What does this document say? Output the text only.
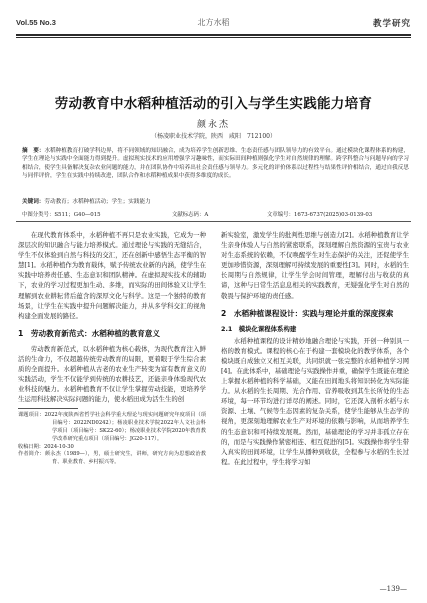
Vol.55 No.3	北方水稻	教学研究
劳动教育中水稻种植活动的引入与学生实践能力培育
颜永杰
（杨凌职业技术学院，陕西　咸阳　712100）
摘　要：水稻种植教育打破学科边界，将不同领域的知识融合，成为培养学生创新思维、生态责任感与团队领导力的有效平台。通过模块化课程体系的构建，学生在理论与实践中全面能力得到提升。虚拟现实技术的应用增强学习趣味性，而实际田间种植则强化学生对自然规律的理解。跨学科整合与问题导向的学习相结合，使学生具备解决复杂农业问题的能力，并在团队协作中培养出社会责任感与领导力。多元化的评价体系以过程性与结果性评价相结合，通过自我反思与同伴评价，学生在实践中持续改进，团队合作和水稻种植成果中获得多维度的成长。
关键词：劳动教育；水稻种植活动；学生；实践能力
中图分类号：S511；G40—015	文献标志码：A	文章编号：1673-6737(2025)03-0139-03

在现代教育体系中，水稻种植不再只是农业实践，它成为一种深层次的知识融合与能力培养模式。通过理论与实践的无缝结合，学生不仅体验到自然与科技的交汇，还在创新中感悟生态平衡的智慧[1]。水稻种植作为教育载体，赋予传统农业新的内涵，使学生在实践中培养责任感、生态意识和团队精神。在虚拟现实技术的辅助下，农业的学习过程更加生动、多维，而实际的田间体验又让学生理解到农业耕耘背后蕴含的深厚文化与科学。这是一个独特的教育场景，让学生在实践中提升问题解决能力，并从多学科交汇的视角构建全面发展的路径。

1　劳动教育新范式：水稻种植的教育意义

劳动教育新范式，以水稻种植为核心载体，为现代教育注入鲜活的生命力，不仅超越传统劳动教育的局限，更着眼于学生综合素质的全面提升。水稻种植从古老的农业生产转变为富有教育意义的实践活动，学生不仅能学到传统的农耕技艺，还能亲身体验现代农业科技的魅力。水稻种植教育不仅让学生掌握劳动技能，更培养学生运用科技解决实际问题的能力，使水稻田成为活生生的创

课题项目：2022年度陕西省哲学社会科学重大理论与现实问题研究年度项目（项目编号：2022ND0242）；杨凌职业技术学院2022年人文社会科学项目（项目编号：SK22-60）；杨凌职业技术学院2020年教育教学改革研究重点项目（项目编号：JG20-117）。

收稿日期：2024-10-30

作者简介：颜永杰（1989—），男，硕士研究生，讲师，研究方向为思想政治教育、职业教育、乡村振兴等。

新实验室，激发学生的批判性思维与创造力[2]。水稻种植教育让学生亲身体验人与自然的紧密联系，深刻理解自然资源的宝贵与农业对生态系统的依赖，不仅唤醒学生对生态保护的关注，还促使学生更加珍惜资源，深刻理解可持续发展的重要性[3]。同时，水稻的生长周期与自然规律，让学生学会时间管理，理解付出与收获的真谛，这种与日常生活息息相关的实践教育，无疑强化学生对自然的敬畏与保护环境的责任感。

2　水稻种植课程设计：实践与理论并重的深度探索
2.1　模块化课程体系构建

水稻种植课程的设计精妙地融合理论与实践，开创一种别具一格的教育模式。课程的核心在于构建一套模块化的教学体系，各个模块既自成独立又相互关联，共同织就一张完整的水稻种植学习网[4]。在此体系中，基础理论与实践操作并重，确保学生既能在理论上掌握水稻种植的科学基础，又能在田间地头将知识转化为实际能力。从水稻的生长周期、光合作用、营养吸收到其生长所处的生态环境，每一环节均进行详尽的阐述。同时，它还深入剖析水稻与水资源、土壤、气候等生态因素的复杂关系，使学生能够从生态学的视角，更深刻地理解农业生产对环境的依赖与影响，从而培养学生的生态意识和可持续发展观。然而，基础理论的学习并非孤立存在的，而是与实践操作紧密相连、相互促进的[5]。实践操作将学生带入真实的田间环境，让学生从播种到收获，全程参与水稻的生长过程。在此过程中，学生将学习如

—139—
